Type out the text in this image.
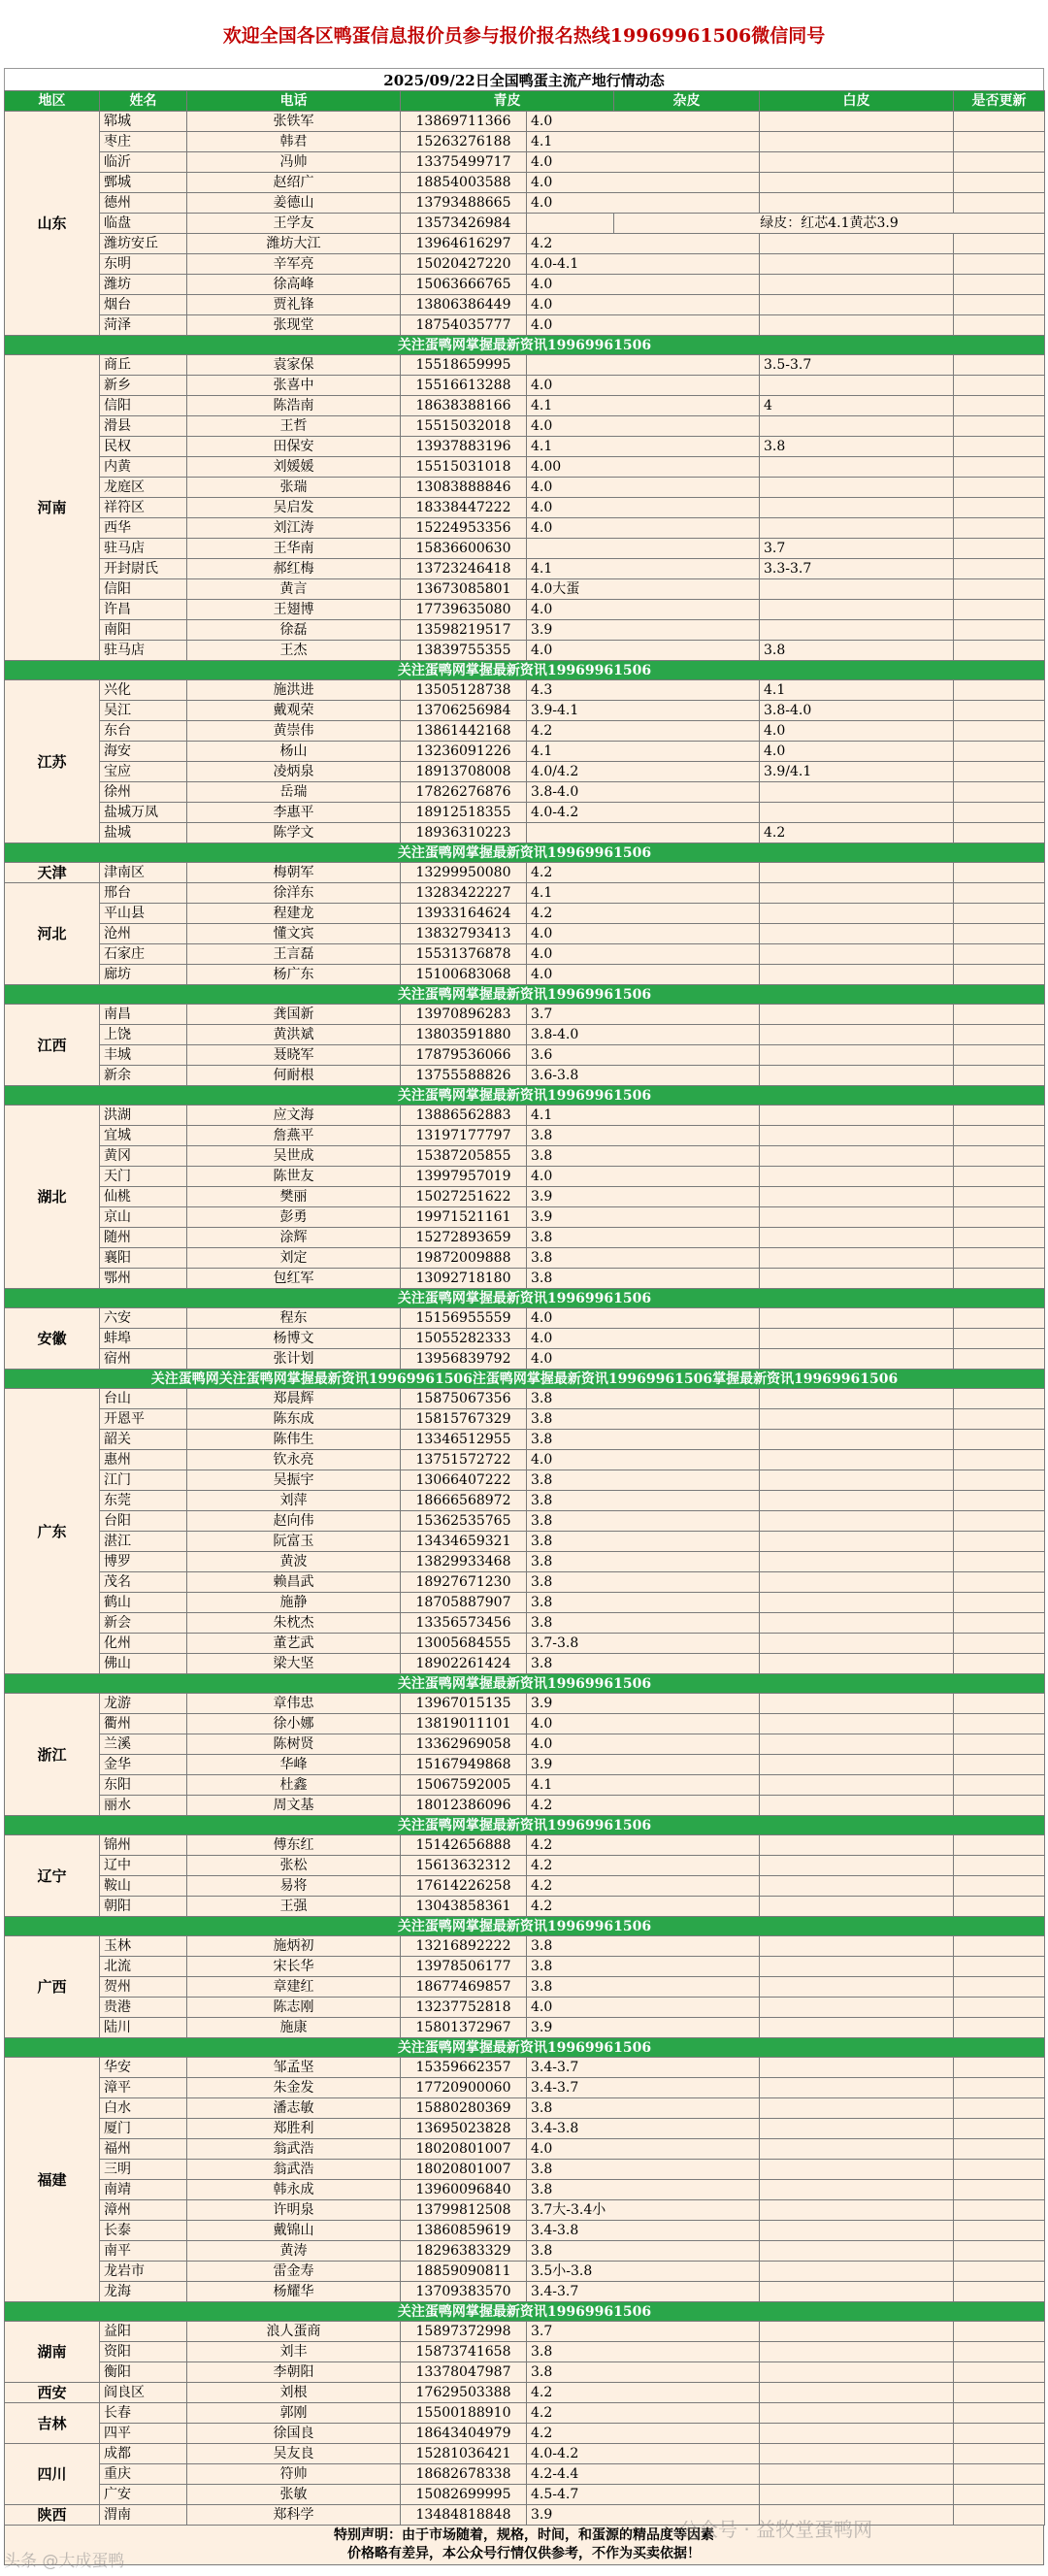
欢迎全国各区鸭蛋信息报价员参与报价报名热线19969961506微信同号
2025/09/22日全国鸭蛋主流产地行情动态
地区	姓名	电话	青皮		杂皮	白皮	是否更新	
山东	郓城	张铁军	13869711366	4.0			
	枣庄	韩君	15263276188	4.1			
	临沂	冯帅	13375499717	4.0			
	鄄城	赵绍广	18854003588	4.0			
	德州	姜德山	13793488665	4.0			
	临盘	王学友	13573426984		绿皮：红芯4.1黄芯3.9	
	潍坊安丘	潍坊大江	13964616297	4.2			
	东明	辛军亮	15020427220	4.0-4.1			
	潍坊	徐高峰	15063666765	4.0			
	烟台	贾礼锋	13806386449	4.0			
	菏泽	张现堂	18754035777	4.0			
关注蛋鸭网掌握最新资讯19969961506								
河南	商丘	袁家保	15518659995			3.5-3.7		
	新乡	张喜中	15516613288	4.0			
	信阳	陈浩南	18638388166	4.1		4		
	滑县	王哲	15515032018	4.0			
	民权	田保安	13937883196	4.1		3.8		
	内黄	刘媛媛	15515031018	4.00			
	龙庭区	张瑞	13083888846	4.0			
	祥符区	吴启发	18338447222	4.0			
	西华	刘江涛	15224953356	4.0			
	驻马店	王华南	15836600630			3.7		
	开封尉氏	郝红梅	13723246418	4.1		3.3-3.7		
	信阳	黄言	13673085801	4.0大蛋			
	许昌	王翅博	17739635080	4.0			
	南阳	徐磊	13598219517	3.9			
	驻马店	王杰	13839755355	4.0		3.8		
关注蛋鸭网掌握最新资讯19969961506								
江苏	兴化	施洪进	13505128738	4.3		4.1		
	吴江	戴观荣	13706256984	3.9-4.1		3.8-4.0		
	东台	黄崇伟	13861442168	4.2		4.0		
	海安	杨山	13236091226	4.1		4.0		
	宝应	凌炳泉	18913708008	4.0/4.2		3.9/4.1		
	徐州	岳瑞	17826276876	3.8-4.0			
	盐城万凤	李惠平	18912518355	4.0-4.2			
	盐城	陈学文	18936310223			4.2		
关注蛋鸭网掌握最新资讯19969961506								
天津	津南区	梅朝军	13299950080	4.2			
河北	邢台	徐洋东	13283422227	4.1			
	平山县	程建龙	13933164624	4.2			
	沧州	懂文宾	13832793413	4.0			
	石家庄	王言磊	15531376878	4.0			
	廊坊	杨广东	15100683068	4.0			
关注蛋鸭网掌握最新资讯19969961506								
江西	南昌	龚国新	13970896283	3.7			
	上饶	黄洪斌	13803591880	3.8-4.0			
	丰城	聂晓军	17879536066	3.6			
	新余	何耐根	13755588826	3.6-3.8			
关注蛋鸭网掌握最新资讯19969961506								
湖北	洪湖	应文海	13886562883	4.1			
	宜城	詹燕平	13197177797	3.8			
	黄冈	吴世成	15387205855	3.8			
	天门	陈世友	13997957019	4.0			
	仙桃	樊丽	15027251622	3.9			
	京山	彭勇	19971521161	3.9			
	随州	涂辉	15272893659	3.8			
	襄阳	刘定	19872009888	3.8			
	鄂州	包红军	13092718180	3.8			
关注蛋鸭网掌握最新资讯19969961506								
安徽	六安	程东	15156955559	4.0			
	蚌埠	杨博文	15055282333	4.0			
	宿州	张计划	13956839792	4.0			
关注蛋鸭网关注蛋鸭网掌握最新资讯19969961506注蛋鸭网掌握最新资讯19969961506掌握最新资讯19969961506								
广东	台山	郑晨辉	15875067356	3.8			
	开恩平	陈东成	15815767329	3.8			
	韶关	陈伟生	13346512955	3.8			
	惠州	钦永亮	13751572722	4.0			
	江门	吴振宇	13066407222	3.8			
	东莞	刘萍	18666568972	3.8			
	台阳	赵向伟	15362535765	3.8			
	湛江	阮富玉	13434659321	3.8			
	博罗	黄波	13829933468	3.8			
	茂名	赖昌武	18927671230	3.8			
	鹤山	施静	18705887907	3.8			
	新会	朱枕杰	13356573456	3.8			
	化州	董艺武	13005684555	3.7-3.8			
	佛山	梁大坚	18902261424	3.8			
关注蛋鸭网掌握最新资讯19969961506								
浙江	龙游	章伟忠	13967015135	3.9			
	衢州	徐小娜	13819011101	4.0			
	兰溪	陈树贤	13362969058	4.0			
	金华	华峰	15167949868	3.9			
	东阳	杜鑫	15067592005	4.1			
	丽水	周文基	18012386096	4.2			
关注蛋鸭网掌握最新资讯19969961506								
辽宁	锦州	傅东红	15142656888	4.2			
	辽中	张松	15613632312	4.2			
	鞍山	易将	17614226258	4.2			
	朝阳	王强	13043858361	4.2			
关注蛋鸭网掌握最新资讯19969961506								
广西	玉林	施炳初	13216892222	3.8			
	北流	宋长华	13978506177	3.8			
	贺州	章建红	18677469857	3.8			
	贵港	陈志刚	13237752818	4.0			
	陆川	施康	15801372967	3.9			
关注蛋鸭网掌握最新资讯19969961506								
福建	华安	邹孟坚	15359662357	3.4-3.7			
	漳平	朱金发	17720900060	3.4-3.7			
	白水	潘志敏	15880280369	3.8			
	厦门	郑胜利	13695023828	3.4-3.8			
	福州	翁武浩	18020801007	4.0			
	三明	翁武浩	18020801007	3.8			
	南靖	韩永成	13960096840	3.8			
	漳州	许明泉	13799812508	3.7大-3.4小			
	长泰	戴锦山	13860859619	3.4-3.8			
	南平	黄涛	18296383329	3.8			
	龙岩市	雷金寿	18859090811	3.5小-3.8			
	龙海	杨耀华	13709383570	3.4-3.7			
关注蛋鸭网掌握最新资讯19969961506								
湖南	益阳	浪人蛋商	15897372998	3.7			
	资阳	刘丰	15873741658	3.8			
	衡阳	李朝阳	13378047987	3.8			
西安	阎良区	刘根	17629503388	4.2			
吉林	长春	郭刚	15500188910	4.2			
	四平	徐国良	18643404979	4.2			
四川	成都	吴友良	15281036421	4.0-4.2			
	重庆	符帅	18682678338	4.2-4.4			
	广安	张敏	15082699995	4.5-4.7			
陕西	渭南	郑科学	13484818848	3.9			
特别声明：由于市场随着，规格，时间，和蛋源的精品度等因素
价格略有差异，本公众号行情仅供参考，不作为买卖依据！
公众号 · 益牧堂蛋鸭网
头条 @大成蛋鸭
